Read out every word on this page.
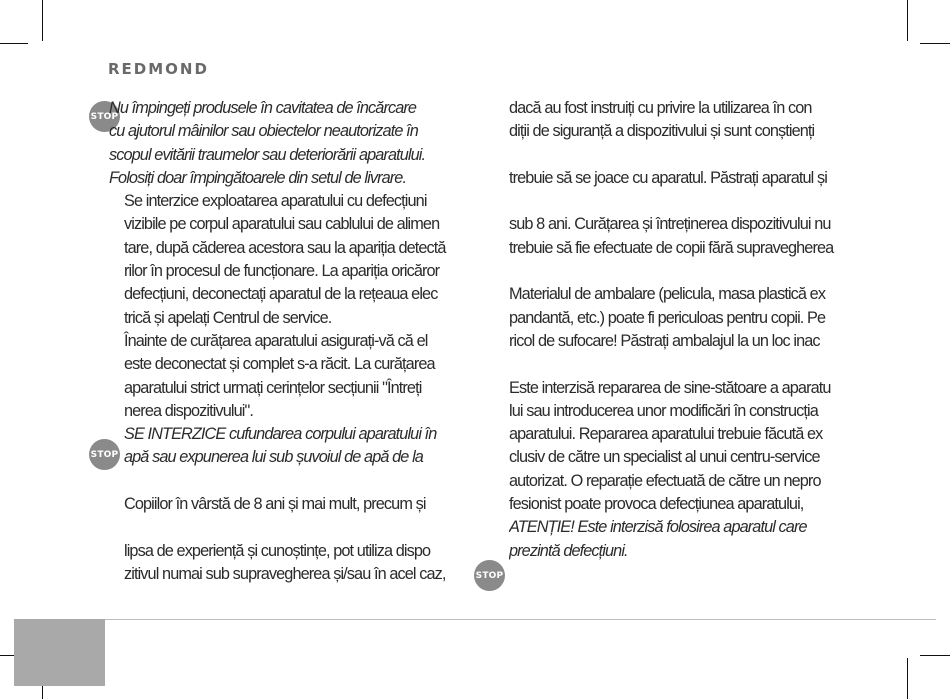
REDMOND
STOP
STOP
STOP
Nu împingeți produsele în cavitatea de încărcare
cu ajutorul mâinilor sau obiectelor neautorizate în
scopul evitării traumelor sau deteriorării aparatului.
Folosiți doar împingătoarele din setul de livrare.
Se interzice exploatarea aparatului cu defecțiuni
vizibile pe corpul aparatului sau cablului de alimen
tare, după căderea acestora sau la apariția detectă
rilor în procesul de funcționare. La apariția oricăror
defecțiuni, deconectați aparatul de la rețeaua elec
trică și apelați Centrul de service.
Înainte de curățarea aparatului asigurați-vă că el
este deconectat și complet s-a răcit. La curățarea
aparatului strict urmați cerințelor secțiunii "Întreți
nerea dispozitivului".
SE INTERZICE cufundarea corpului aparatului în
apă sau expunerea lui sub șuvoiul de apă de la
Copiilor în vârstă de 8 ani și mai mult, precum și
lipsa de experiență și cunoștințe, pot utiliza dispo
zitivul numai sub supravegherea și/sau în acel caz,
dacă au fost instruiți cu privire la utilizarea în con
diții de siguranță a dispozitivului și sunt conștienți
trebuie să se joace cu aparatul. Păstrați aparatul și
sub 8 ani. Curățarea și întreținerea dispozitivului nu
trebuie să fie efectuate de copii fără supravegherea
Materialul de ambalare (pelicula, masa plastică ex
pandantă, etc.) poate fi periculoas pentru copii. Pe
ricol de sufocare! Păstrați ambalajul la un loc inac
Este interzisă repararea de sine-stătoare a aparatu
lui sau introducerea unor modificări în construcția
aparatului. Repararea aparatului trebuie făcută ex
clusiv de către un specialist al unui centru-service
autorizat. O reparație efectuată de către un nepro
fesionist poate provoca defecțiunea aparatului,
ATENȚIE! Este interzisă folosirea aparatul care
prezintă defecțiuni.
